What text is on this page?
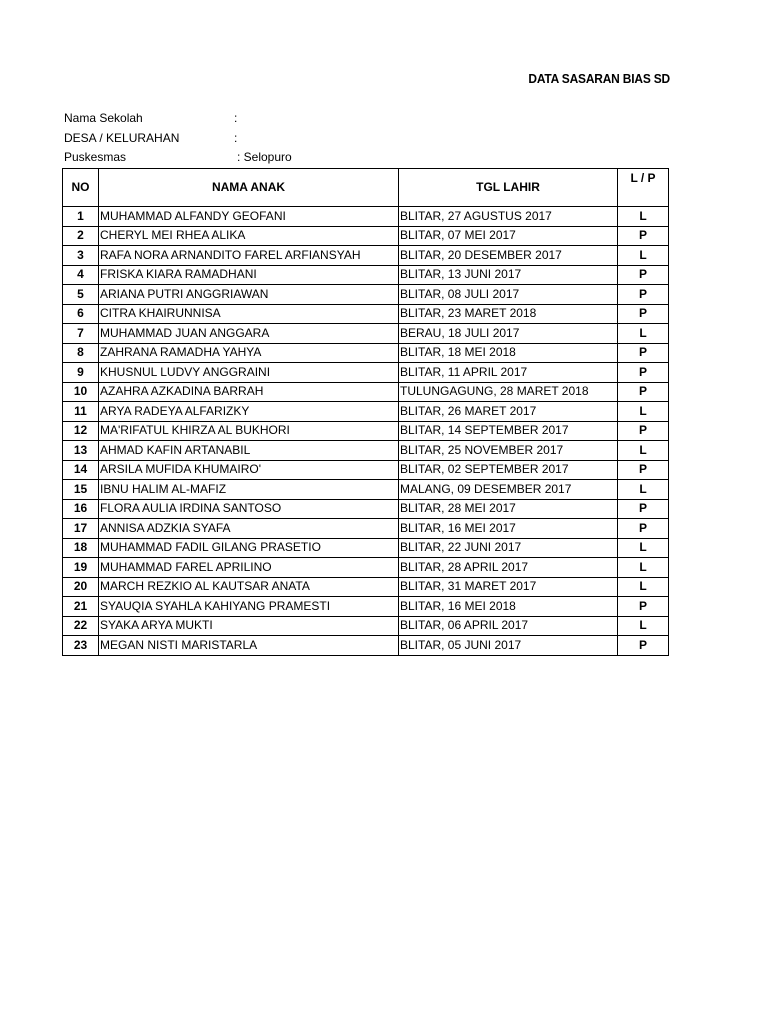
DATA SASARAN BIAS SD
Nama Sekolah	:
DESA / KELURAHAN	:
Puskesmas	: Selopuro
NO	NAMA ANAK	TGL LAHIR	L / P
1	MUHAMMAD ALFANDY GEOFANI	BLITAR, 27 AGUSTUS 2017	L
2	CHERYL MEI RHEA ALIKA	BLITAR, 07 MEI 2017	P
3	RAFA NORA ARNANDITO FAREL ARFIANSYAH	BLITAR, 20 DESEMBER 2017	L
4	FRISKA KIARA RAMADHANI	BLITAR, 13 JUNI 2017	P
5	ARIANA PUTRI ANGGRIAWAN	BLITAR, 08 JULI 2017	P
6	CITRA KHAIRUNNISA	BLITAR, 23 MARET 2018	P
7	MUHAMMAD JUAN ANGGARA	BERAU, 18 JULI 2017	L
8	ZAHRANA RAMADHA YAHYA	BLITAR, 18 MEI 2018	P
9	KHUSNUL LUDVY ANGGRAINI	BLITAR, 11 APRIL 2017	P
10	AZAHRA AZKADINA BARRAH	TULUNGAGUNG, 28 MARET 2018	P
11	ARYA RADEYA ALFARIZKY	BLITAR, 26 MARET 2017	L
12	MA'RIFATUL KHIRZA AL BUKHORI	BLITAR, 14 SEPTEMBER 2017	P
13	AHMAD KAFIN ARTANABIL	BLITAR, 25 NOVEMBER 2017	L
14	ARSILA MUFIDA KHUMAIRO'	BLITAR, 02 SEPTEMBER 2017	P
15	IBNU HALIM AL-MAFIZ	MALANG, 09 DESEMBER 2017	L
16	FLORA AULIA IRDINA SANTOSO	BLITAR, 28 MEI 2017	P
17	ANNISA ADZKIA SYAFA	BLITAR, 16 MEI 2017	P
18	MUHAMMAD FADIL GILANG PRASETIO	BLITAR, 22 JUNI 2017	L
19	MUHAMMAD FAREL APRILINO	BLITAR, 28 APRIL 2017	L
20	MARCH REZKIO AL KAUTSAR ANATA	BLITAR, 31 MARET 2017	L
21	SYAUQIA SYAHLA KAHIYANG PRAMESTI	BLITAR, 16 MEI 2018	P
22	SYAKA ARYA MUKTI	BLITAR, 06 APRIL 2017	L
23	MEGAN NISTI MARISTARLA	BLITAR, 05 JUNI 2017	P
